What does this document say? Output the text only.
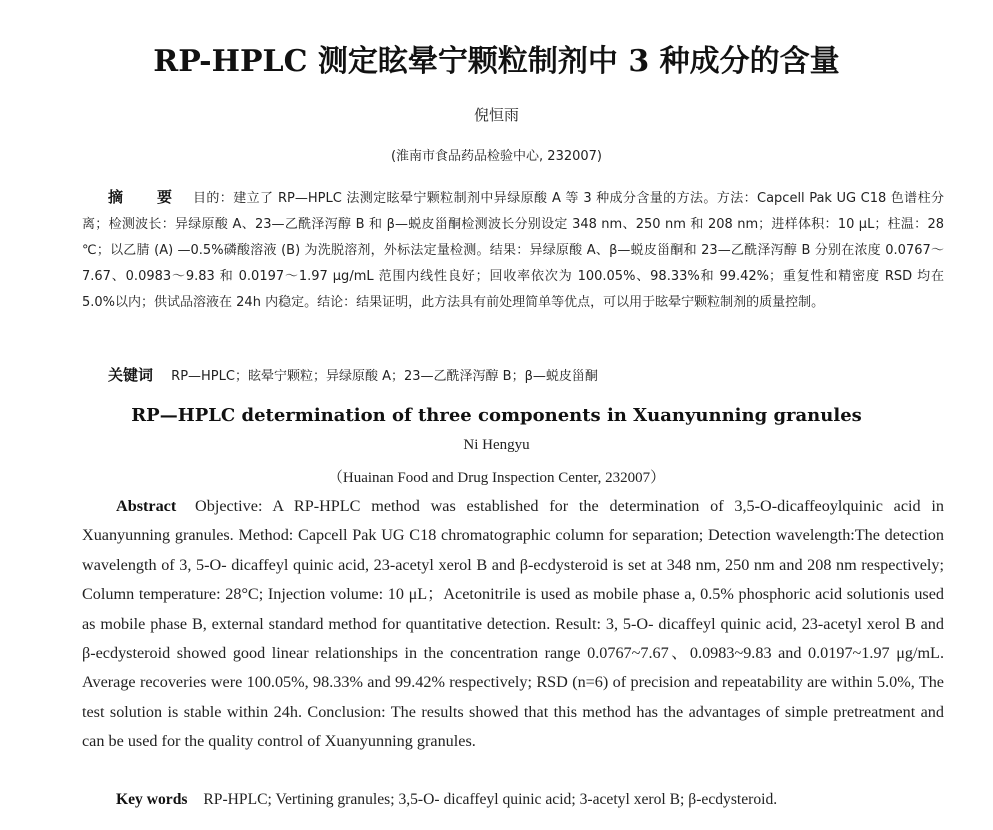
RP-HPLC 测定眩晕宁颗粒制剂中 3 种成分的含量
倪恒雨
(淮南市食品药品检验中心, 232007)
摘 要 目的：建立了 RP—HPLC 法测定眩晕宁颗粒制剂中异绿原酸 A 等 3 种成分含量的方法。方法：Capcell Pak UG C18 色谱柱分离；检测波长：异绿原酸 A、23—乙酰泽泻醇 B 和 β—蜕皮甾酮检测波长分别设定 348 nm、250 nm 和 208 nm；进样体积：10 μL；柱温：28 ℃；以乙腈 (A) —0.5%磷酸溶液 (B) 为洗脱溶剂，外标法定量检测。结果：异绿原酸 A、β—蜕皮甾酮和 23—乙酰泽泻醇 B 分别在浓度 0.0767～7.67、0.0983～9.83 和 0.0197～1.97 μg/mL 范围内线性良好；回收率依次为 100.05%、98.33%和 99.42%；重复性和精密度 RSD 均在 5.0%以内；供试品溶液在 24h 内稳定。结论：结果证明，此方法具有前处理简单等优点，可以用于眩晕宁颗粒制剂的质量控制。
关键词 RP—HPLC；眩晕宁颗粒；异绿原酸 A；23—乙酰泽泻醇 B；β—蜕皮甾酮
RP—HPLC determination of three components in Xuanyunning granules
Ni Hengyu
（Huainan Food and Drug Inspection Center, 232007）
Abstract Objective: A RP-HPLC method was established for the determination of 3,5-O-dicaffeoylquinic acid in Xuanyunning granules. Method: Capcell Pak UG C18 chromatographic column for separation; Detection wavelength:The detection wavelength of 3, 5-O- dicaffeyl quinic acid, 23-acetyl xerol B and β-ecdysteroid is set at 348 nm, 250 nm and 208 nm respectively; Column temperature: 28°C; Injection volume: 10 μL；Acetonitrile is used as mobile phase a, 0.5% phosphoric acid solutionis used as mobile phase B, external standard method for quantitative detection. Result: 3, 5-O- dicaffeyl quinic acid, 23-acetyl xerol B and β-ecdysteroid showed good linear relationships in the concentration range 0.0767~7.67、0.0983~9.83 and 0.0197~1.97 μg/mL. Average recoveries were 100.05%, 98.33% and 99.42% respectively; RSD (n=6) of precision and repeatability are within 5.0%, The test solution is stable within 24h. Conclusion: The results showed that this method has the advantages of simple pretreatment and can be used for the quality control of Xuanyunning granules.
Key words RP-HPLC; Vertining granules; 3,5-O- dicaffeyl quinic acid; 3-acetyl xerol B; β-ecdysteroid.
